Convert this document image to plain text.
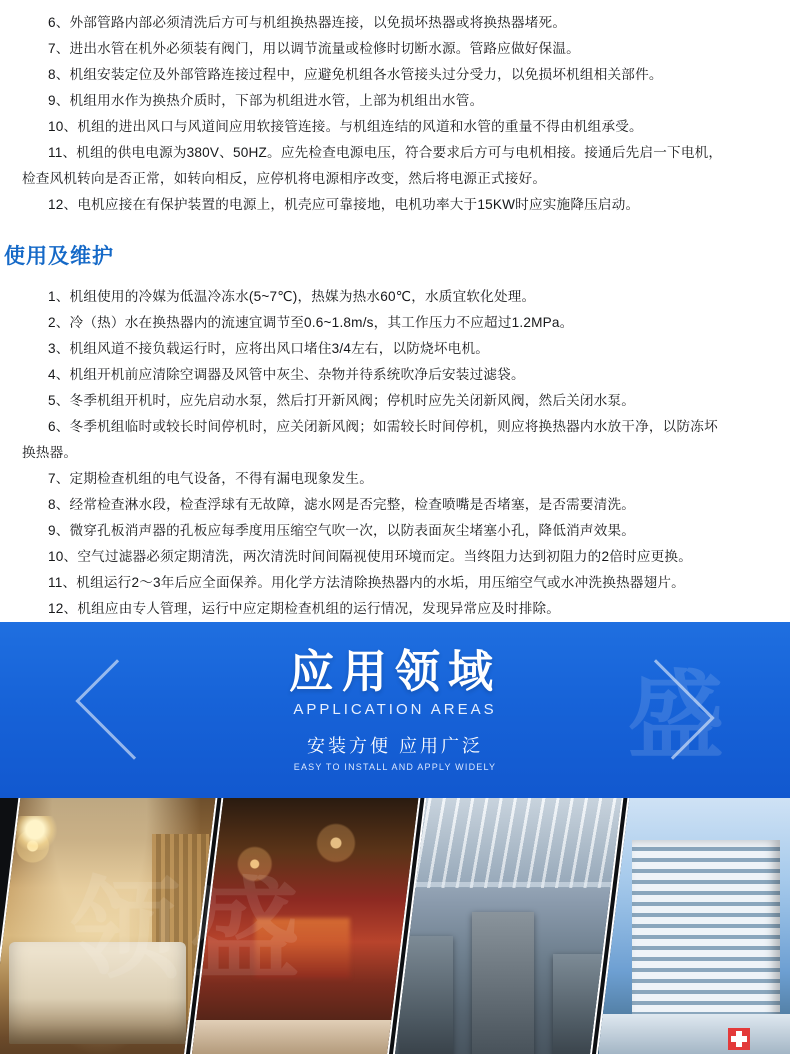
6、外部管路内部必须清洗后方可与机组换热器连接，以免损坏热器或将换热器堵死。

7、进出水管在机外必须装有阀门，用以调节流量或检修时切断水源。管路应做好保温。

8、机组安装定位及外部管路连接过程中，应避免机组各水管接头过分受力，以免损坏机组相关部件。

9、机组用水作为换热介质时，下部为机组进水管，上部为机组出水管。

10、机组的进出风口与风道间应用软接管连接。与机组连结的风道和水管的重量不得由机组承受。

11、机组的供电电源为380V、50HZ。应先检查电源电压，符合要求后方可与电机相接。接通后先启一下电机，
检查风机转向是否正常，如转向相反，应停机将电源相序改变，然后将电源正式接好。

12、电机应接在有保护装置的电源上，机壳应可靠接地，电机功率大于15KW时应实施降压启动。

使用及维护

1、机组使用的冷媒为低温冷冻水(5~7℃)，热媒为热水60℃，水质宜软化处理。

2、冷（热）水在换热器内的流速宜调节至0.6~1.8m/s，其工作压力不应超过1.2MPa。

3、机组风道不接负载运行时，应将出风口堵住3/4左右，以防烧坏电机。

4、机组开机前应清除空调器及风管中灰尘、杂物并待系统吹净后安装过滤袋。

5、冬季机组开机时，应先启动水泵，然后打开新风阀；停机时应先关闭新风阀，然后关闭水泵。

6、冬季机组临时或较长时间停机时，应关闭新风阀；如需较长时间停机，则应将换热器内水放干净，以防冻坏
换热器。

7、定期检查机组的电气设备，不得有漏电现象发生。

8、经常检查淋水段，检查浮球有无故障，滤水网是否完整，检查喷嘴是否堵塞，是否需要清洗。

9、微穿孔板消声器的孔板应每季度用压缩空气吹一次，以防表面灰尘堵塞小孔，降低消声效果。

10、空气过滤器必须定期清洗，两次清洗时间间隔视使用环境而定。当终阻力达到初阻力的2倍时应更换。

11、机组运行2～3年后应全面保养。用化学方法清除换热器内的水垢，用压缩空气或水冲洗换热器翅片。

12、机组应由专人管理，运行中应定期检查机组的运行情况，发现异常应及时排除。

盛
应用领域
APPLICATION AREAS
安装方便 应用广泛
EASY TO INSTALL AND APPLY WIDELY
